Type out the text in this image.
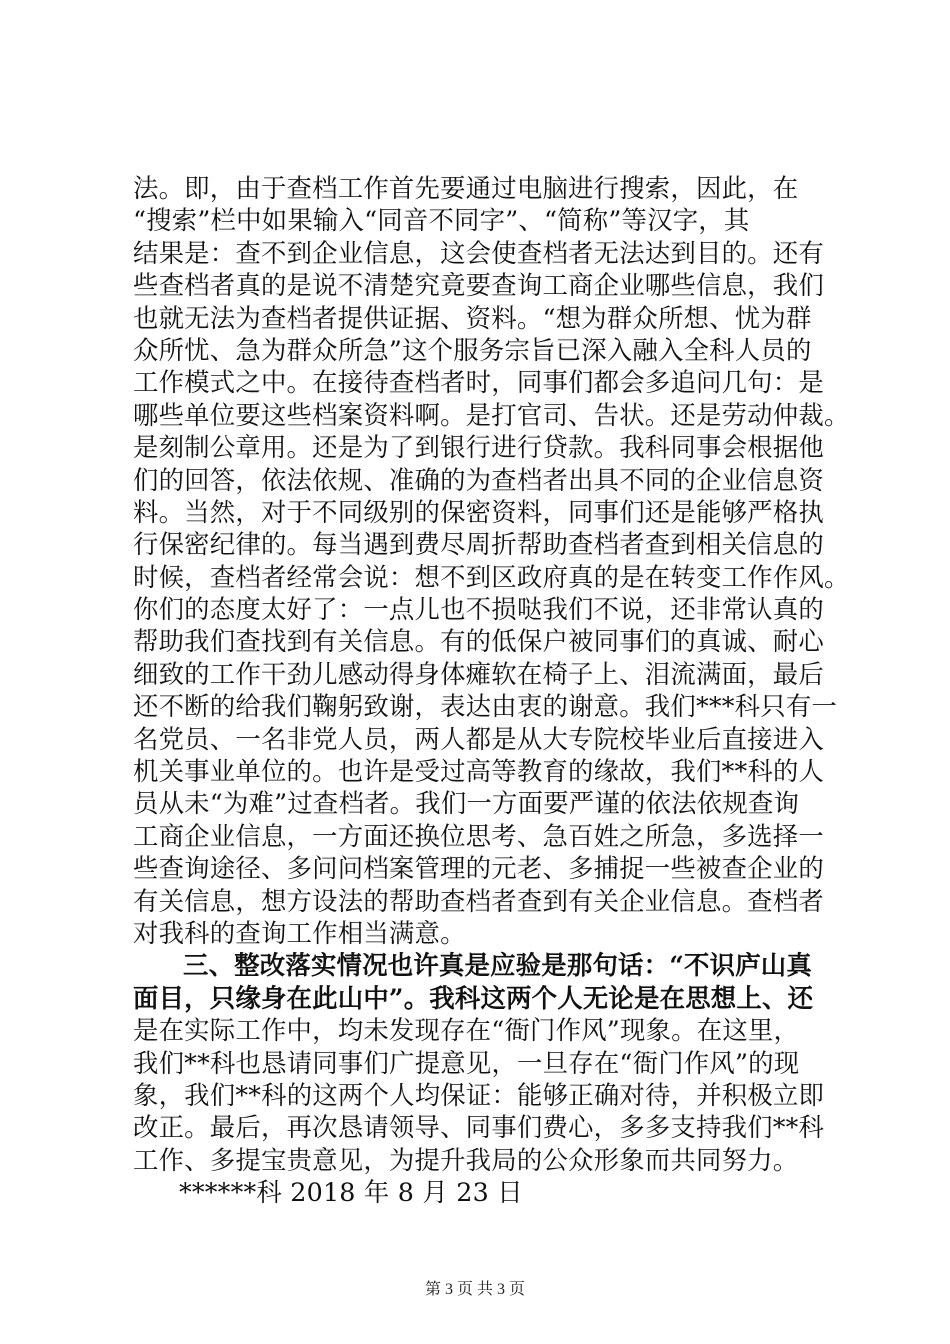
法。即，由于查档工作首先要通过电脑进行搜索，因此，在
“搜索”栏中如果输入“同音不同字”、“简称”等汉字，其
结果是：查不到企业信息，这会使查档者无法达到目的。还有
些查档者真的是说不清楚究竟要查询工商企业哪些信息，我们
也就无法为查档者提供证据、资料。“想为群众所想、忧为群
众所忧、急为群众所急”这个服务宗旨已深入融入全科人员的
工作模式之中。在接待查档者时，同事们都会多追问几句：是
哪些单位要这些档案资料啊。是打官司、告状。还是劳动仲裁。
是刻制公章用。还是为了到银行进行贷款。我科同事会根据他
们的回答，依法依规、准确的为查档者出具不同的企业信息资
料。当然，对于不同级别的保密资料，同事们还是能够严格执
行保密纪律的。每当遇到费尽周折帮助查档者查到相关信息的
时候，查档者经常会说：想不到区政府真的是在转变工作作风。
你们的态度太好了：一点儿也不损哒我们不说，还非常认真的
帮助我们查找到有关信息。有的低保户被同事们的真诚、耐心
细致的工作干劲儿感动得身体瘫软在椅子上、泪流满面，最后
还不断的给我们鞠躬致谢，表达由衷的谢意。我们***科只有一
名党员、一名非党人员，两人都是从大专院校毕业后直接进入
机关事业单位的。也许是受过高等教育的缘故，我们**科的人
员从未“为难”过查档者。我们一方面要严谨的依法依规查询
工商企业信息，一方面还换位思考、急百姓之所急，多选择一
些查询途径、多问问档案管理的元老、多捕捉一些被查企业的
有关信息，想方设法的帮助查档者查到有关企业信息。查档者
对我科的查询工作相当满意。
三、整改落实情况也许真是应验是那句话：“不识庐山真
面目，只缘身在此山中”。我科这两个人无论是在思想上、还
是在实际工作中，均未发现存在“衙门作风”现象。在这里，
我们**科也恳请同事们广提意见，一旦存在“衙门作风”的现
象，我们**科的这两个人均保证：能够正确对待，并积极立即
改正。最后，再次恳请领导、同事们费心，多多支持我们**科
工作、多提宝贵意见，为提升我局的公众形象而共同努力。
******科 2018 年 8 月 23 日
第 3 页 共 3 页
